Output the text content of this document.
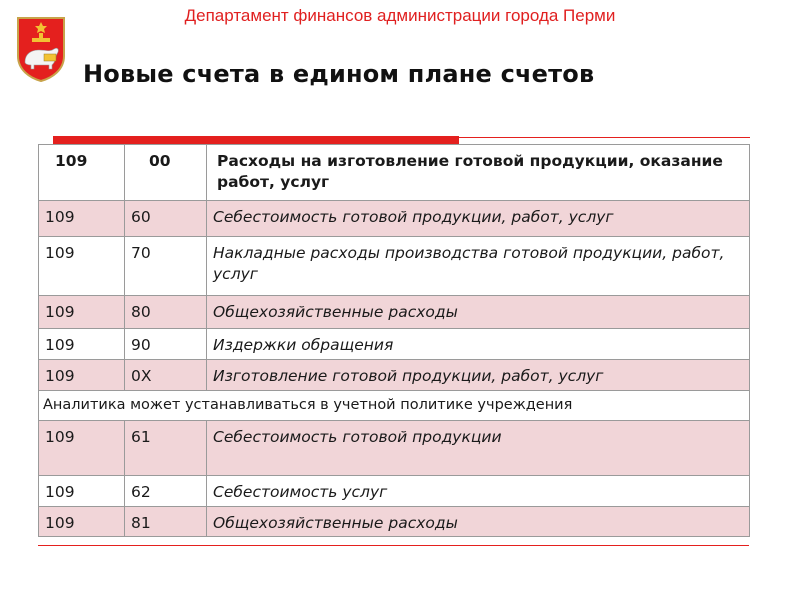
Департамент финансов администрации города Перми
Новые счета в едином плане счетов
109	00	Расходы на изготовление готовой продукции, оказание работ, услуг
109	60	Себестоимость готовой продукции, работ, услуг
109	70	Накладные расходы производства готовой продукции, работ, услуг
109	80	Общехозяйственные расходы
109	90	Издержки обращения
109	0Х	Изготовление готовой продукции, работ, услуг
Аналитика может устанавливаться в учетной политике учреждения		
109	61	Себестоимость готовой продукции
109	62	Себестоимость услуг
109	81	Общехозяйственные расходы
